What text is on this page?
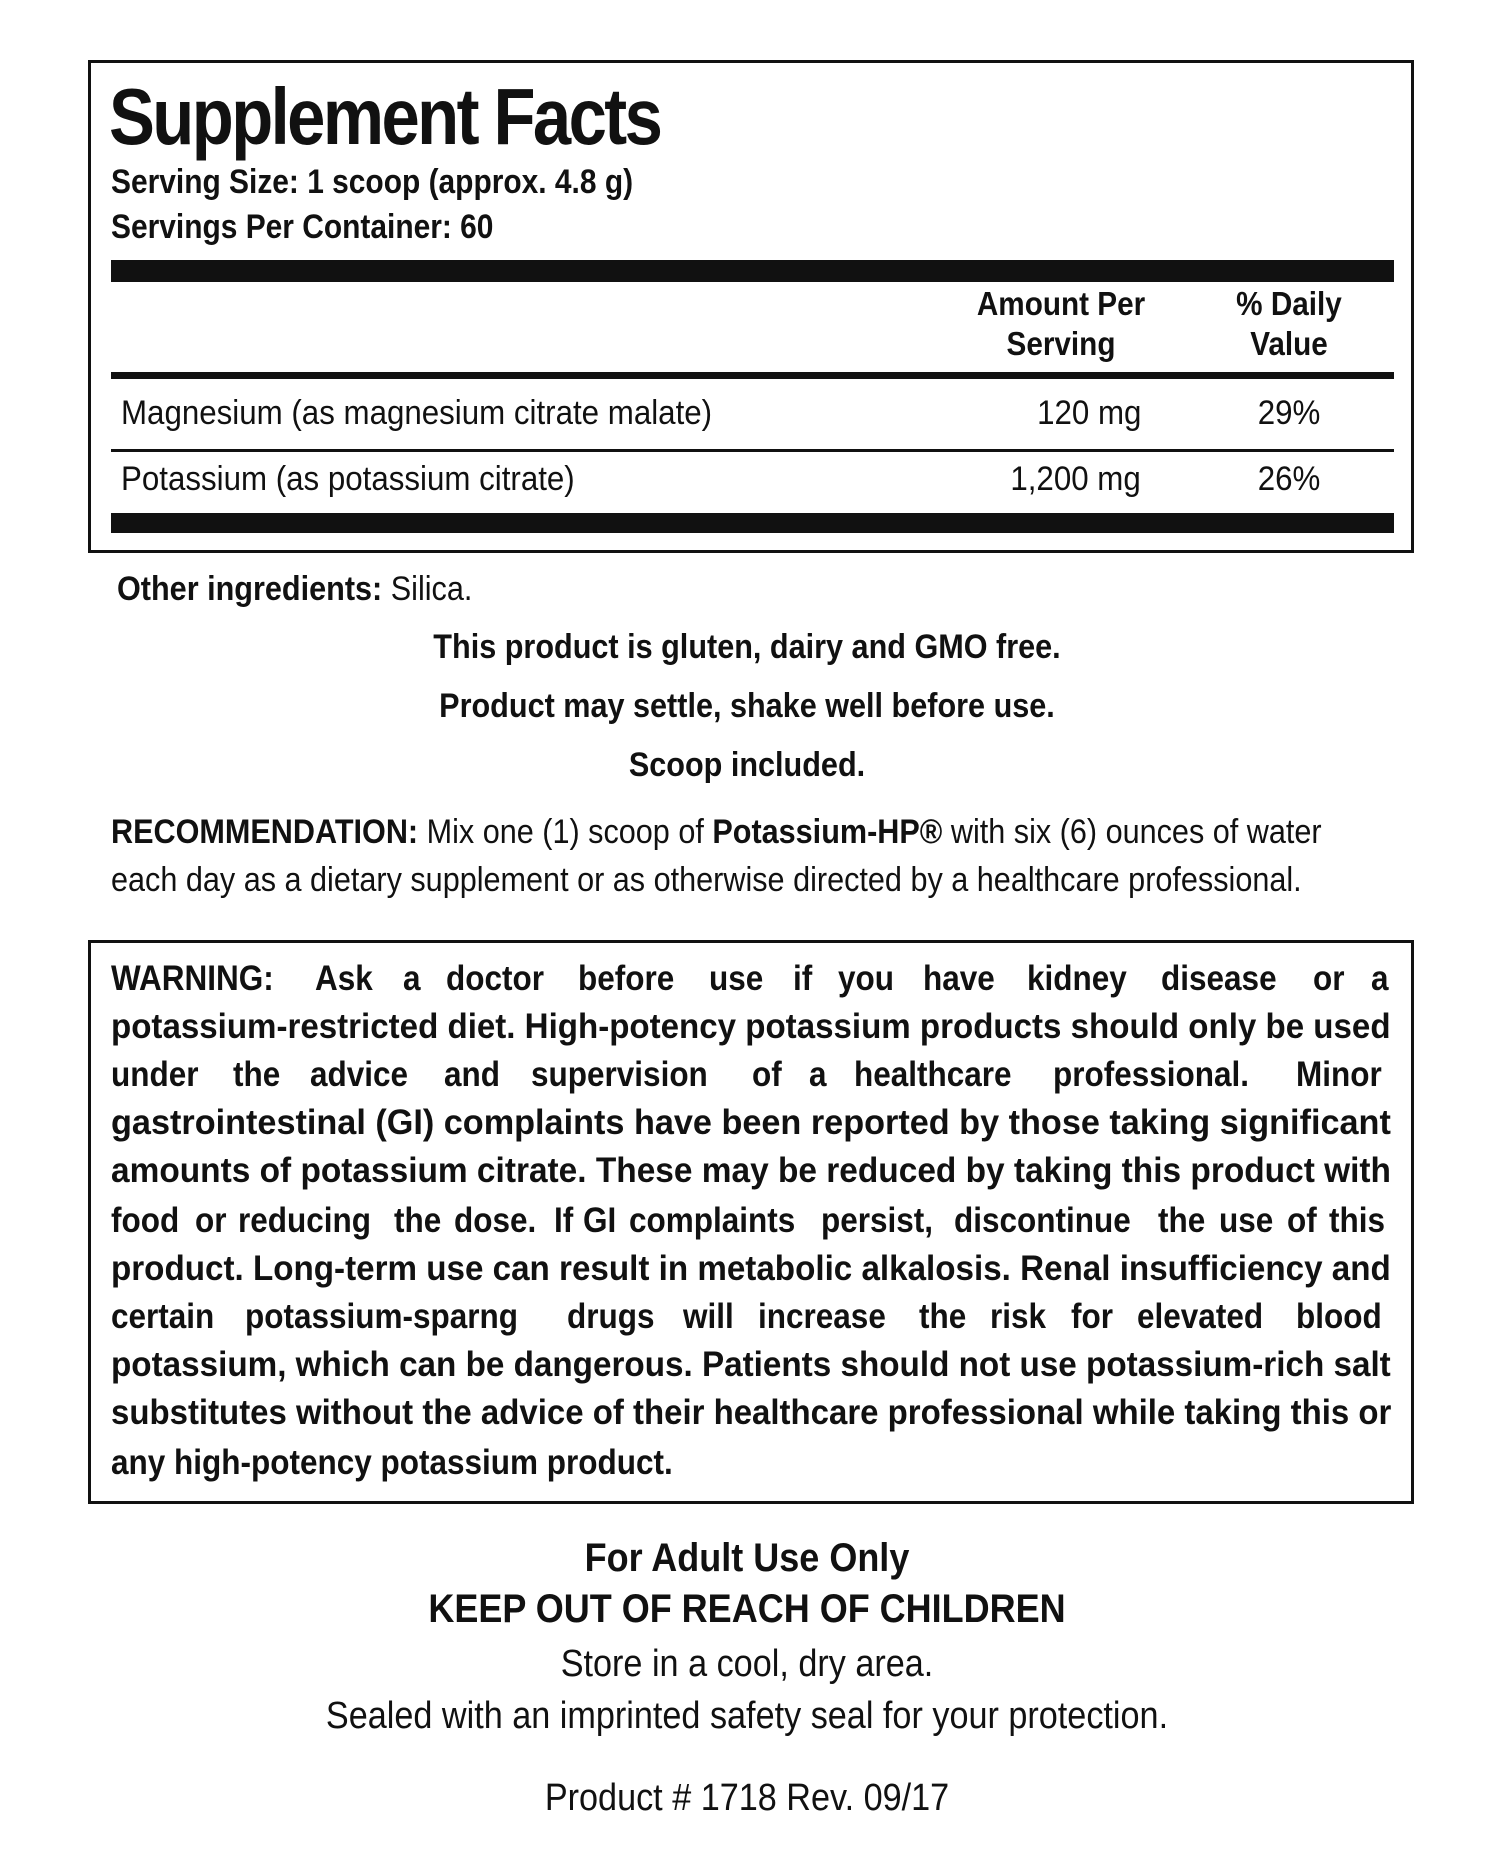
Supplement Facts
Serving Size: 1 scoop (approx. 4.8 g)
Servings Per Container: 60
Amount Per
Serving
% Daily
Value
Magnesium (as magnesium citrate malate)	120 mg	29%
Potassium (as potassium citrate)	1,200 mg	26%
Other ingredients: Silica.
This product is gluten, dairy and GMO free.
Product may settle, shake well before use.
Scoop included.
RECOMMENDATION: Mix one (1) scoop of Potassium-HP® with six (6) ounces of water
each day as a dietary supplement or as otherwise directed by a healthcare professional.
WARNING: Ask a doctor before use if you have kidney disease or a
potassium-restricted diet. High-potency potassium products should only be used
under the advice and supervision of a healthcare professional. Minor
gastrointestinal (GI) complaints have been reported by those taking significant
amounts of potassium citrate. These may be reduced by taking this product with
food or reducing the dose. If GI complaints persist, discontinue the use of this
product. Long-term use can result in metabolic alkalosis. Renal insufficiency and
certain potassium-sparng drugs will increase the risk for elevated blood
potassium, which can be dangerous. Patients should not use potassium-rich salt
substitutes without the advice of their healthcare professional while taking this or
any high-potency potassium product.
For Adult Use Only
KEEP OUT OF REACH OF CHILDREN
Store in a cool, dry area.
Sealed with an imprinted safety seal for your protection.
Product # 1718 Rev. 09/17
